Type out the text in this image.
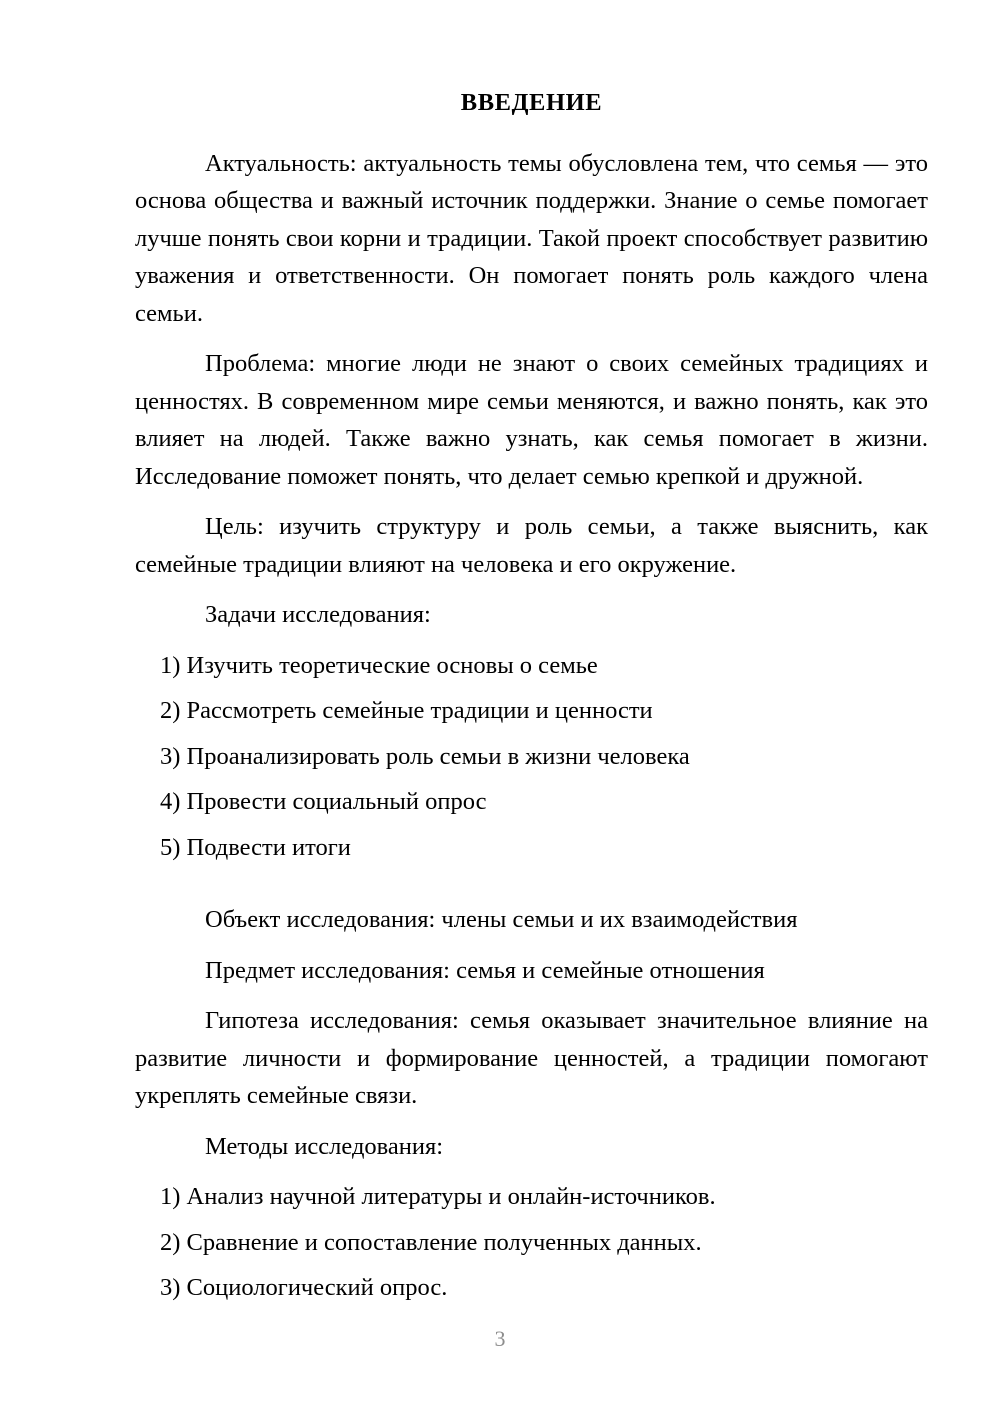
ВВЕДЕНИЕ

Актуальность: актуальность темы обусловлена тем, что семья — это основа общества и важный источник поддержки. Знание о семье помогает лучше понять свои корни и традиции. Такой проект способствует развитию уважения и ответственности. Он помогает понять роль каждого члена семьи.

Проблема: многие люди не знают о своих семейных традициях и ценностях. В современном мире семьи меняются, и важно понять, как это влияет на людей. Также важно узнать, как семья помогает в жизни. Исследование поможет понять, что делает семью крепкой и дружной.

Цель: изучить структуру и роль семьи, а также выяснить, как семейные традиции влияют на человека и его окружение.

Задачи исследования:

1) Изучить теоретические основы о семье
2) Рассмотреть семейные традиции и ценности
3) Проанализировать роль семьи в жизни человека
4) Провести социальный опрос
5) Подвести итоги

Объект исследования: члены семьи и их взаимодействия

Предмет исследования: семья и семейные отношения

Гипотеза исследования: семья оказывает значительное влияние на развитие личности и формирование ценностей, а традиции помогают укреплять семейные связи.

Методы исследования:

1) Анализ научной литературы и онлайн-источников.
2) Сравнение и сопоставление полученных данных.
3) Социологический опрос.
3
